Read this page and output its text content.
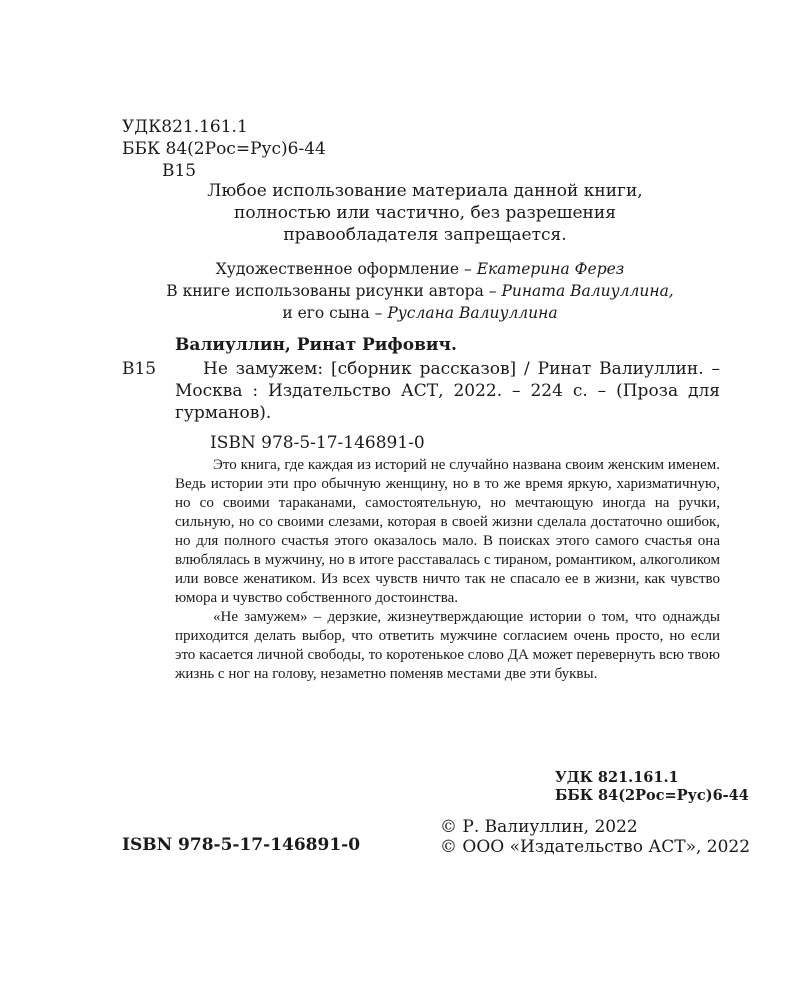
УДК821.161.1
ББК 84(2Рос=Рус)6-44
В15
Любое использование материала данной книги, полностью или частично, без разрешения правообладателя запрещается.
Художественное оформление – Екатерина Ферез
В книге использованы рисунки автора – Рината Валиуллина,
и его сына – Руслана Валиуллина
Валиуллин, Ринат Рифович.
В15	Не замужем: [сборник рассказов] / Ринат Валиуллин. – Москва : Издательство АСТ, 2022. – 224 с. – (Проза для гурманов).
ISBN 978-5-17-146891-0

Это книга, где каждая из историй не случайно названа своим женским именем. Ведь истории эти про обычную женщину, но в то же время яркую, харизматичную, но со своими тараканами, самостоятельную, но мечтающую иногда на ручки, сильную, но со своими слезами, которая в своей жизни сделала достаточно ошибок, но для полного счастья этого оказалось мало. В поисках этого самого счастья она влюблялась в мужчину, но в итоге расставалась с тираном, романтиком, алкоголиком или вовсе женатиком. Из всех чувств ничто так не спасало ее в жизни, как чувство юмора и чувство собственного достоинства.

«Не замужем» – дерзкие, жизнеутверждающие истории о том, что однажды приходится делать выбор, что ответить мужчине согласием очень просто, но если это касается личной свободы, то коротенькое слово ДА может перевернуть всю твою жизнь с ног на голову, незаметно поменяв местами две эти буквы.

УДК 821.161.1
ББК 84(2Рос=Рус)6-44
ISBN 978-5-17-146891-0
© Р. Валиуллин, 2022
© ООО «Издательство АСТ», 2022
